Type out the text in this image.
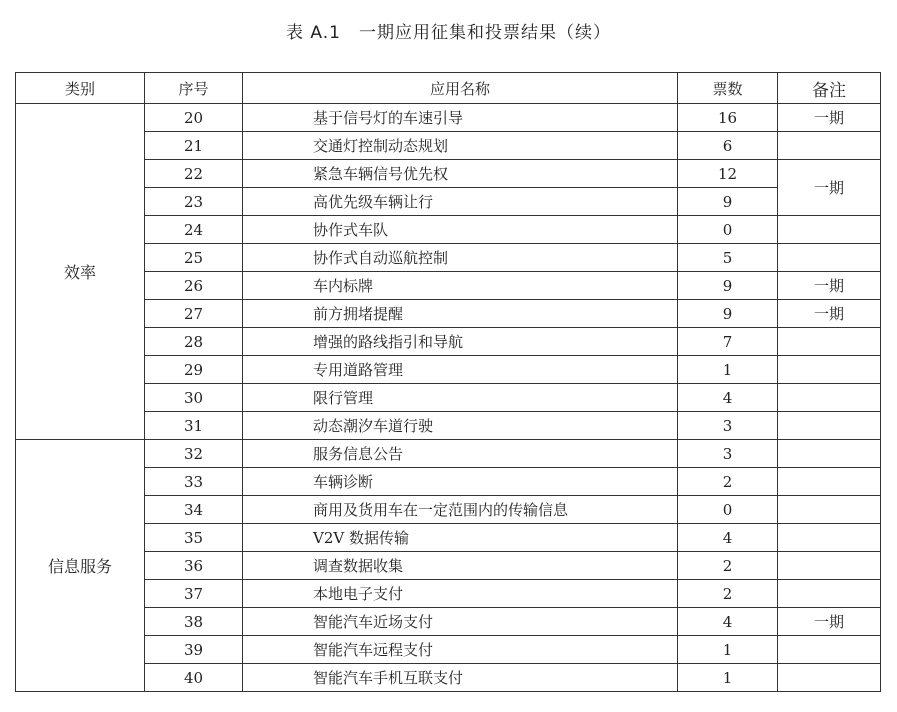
表 A.1　一期应用征集和投票结果（续）
类别	序号	应用名称	票数	备注
效率	20	基于信号灯的车速引导	16	一期
	21	交通灯控制动态规划	6	
	22	紧急车辆信号优先权	12	一期
	23	高优先级车辆让行	9	
	24	协作式车队	0	
	25	协作式自动巡航控制	5	
	26	车内标牌	9	一期
	27	前方拥堵提醒	9	一期
	28	增强的路线指引和导航	7	
	29	专用道路管理	1	
	30	限行管理	4	
	31	动态潮汐车道行驶	3	
信息服务	32	服务信息公告	3	
	33	车辆诊断	2	
	34	商用及货用车在一定范围内的传输信息	0	
	35	V2V 数据传输	4	
	36	调查数据收集	2	
	37	本地电子支付	2	
	38	智能汽车近场支付	4	一期
	39	智能汽车远程支付	1	
	40	智能汽车手机互联支付	1	
